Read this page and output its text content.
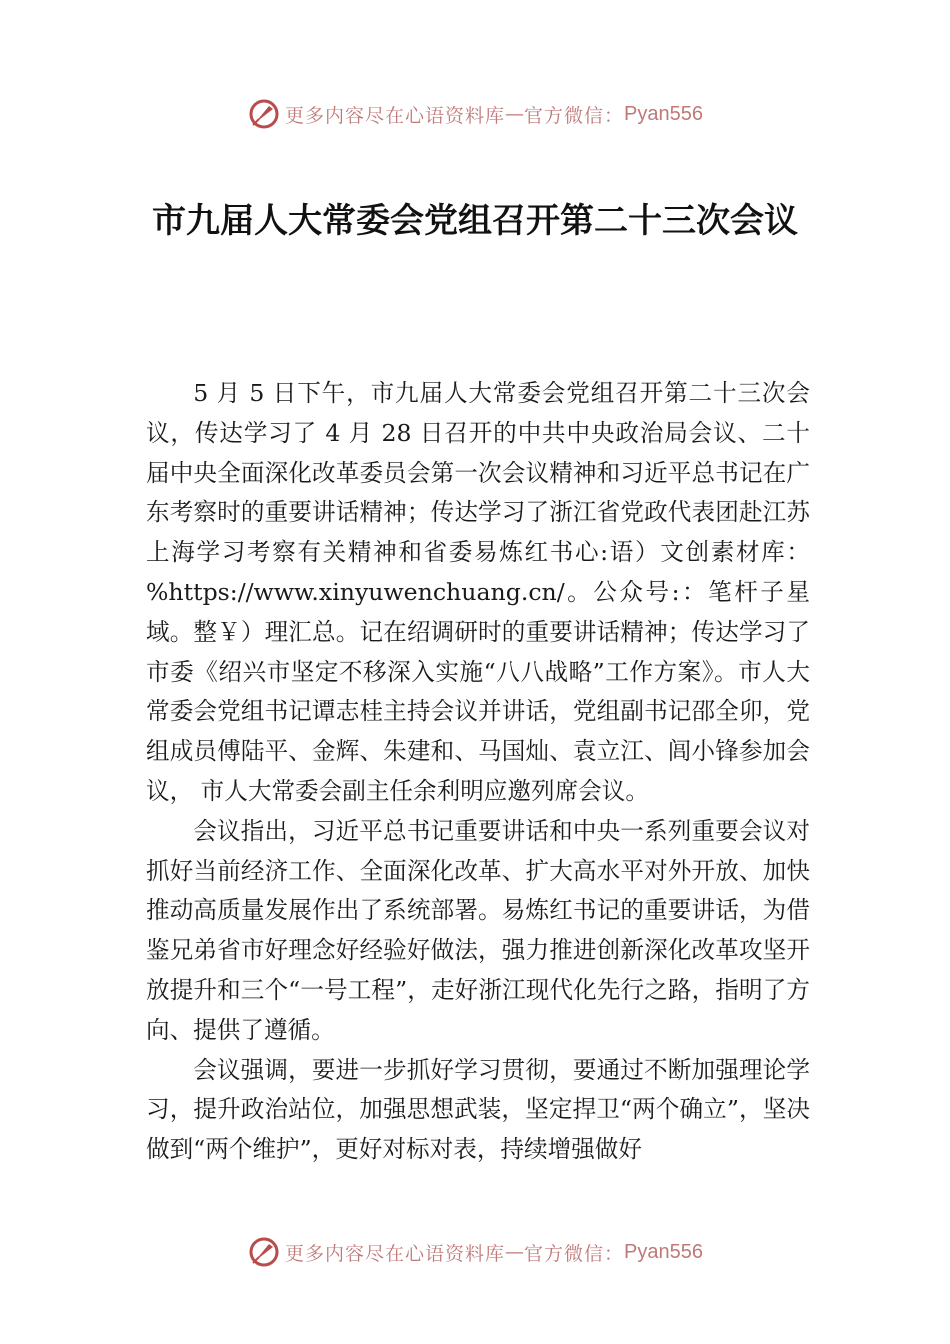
更多内容尽在心语资料库 — 官方微信： Pyan556
市九届人大常委会党组召开第二十三次会议

5 月 5 日下午，市九届人大常委会党组召开第二十三次会议，传达学习了 4 月 28 日召开的中共中央政治局会议、二十届中央全面深化改革委员会第一次会议精神和习近平总书记在广东考察时的重要讲话精神；传达学习了浙江省党政代表团赴江苏上海学习考察有关精神和省委易炼红书心:语）文创素材库：%https://www.xinyuwenchuang.cn/。公众号:：笔杆子星域。整￥）理汇总。记在绍调研时的重要讲话精神；传达学习了市委《绍兴市坚定不移深入实施“八八战略”工作方案》。市人大常委会党组书记谭志桂主持会议并讲话，党组副书记邵全卯，党组成员傅陆平、金辉、朱建和、马国灿、袁立江、闾小锋参加会议， 市人大常委会副主任余利明应邀列席会议。

会议指出，习近平总书记重要讲话和中央一系列重要会议对抓好当前经济工作、全面深化改革、扩大高水平对外开放、加快推动高质量发展作出了系统部署。易炼红书记的重要讲话，为借鉴兄弟省市好理念好经验好做法，强力推进创新深化改革攻坚开放提升和三个“一号工程”，走好浙江现代化先行之路，指明了方向、提供了遵循。

会议强调，要进一步抓好学习贯彻，要通过不断加强理论学习，提升政治站位，加强思想武装，坚定捍卫“两个确立”，坚决做到“两个维护”，更好对标对表，持续增强做好

更多内容尽在心语资料库 — 官方微信： Pyan556
